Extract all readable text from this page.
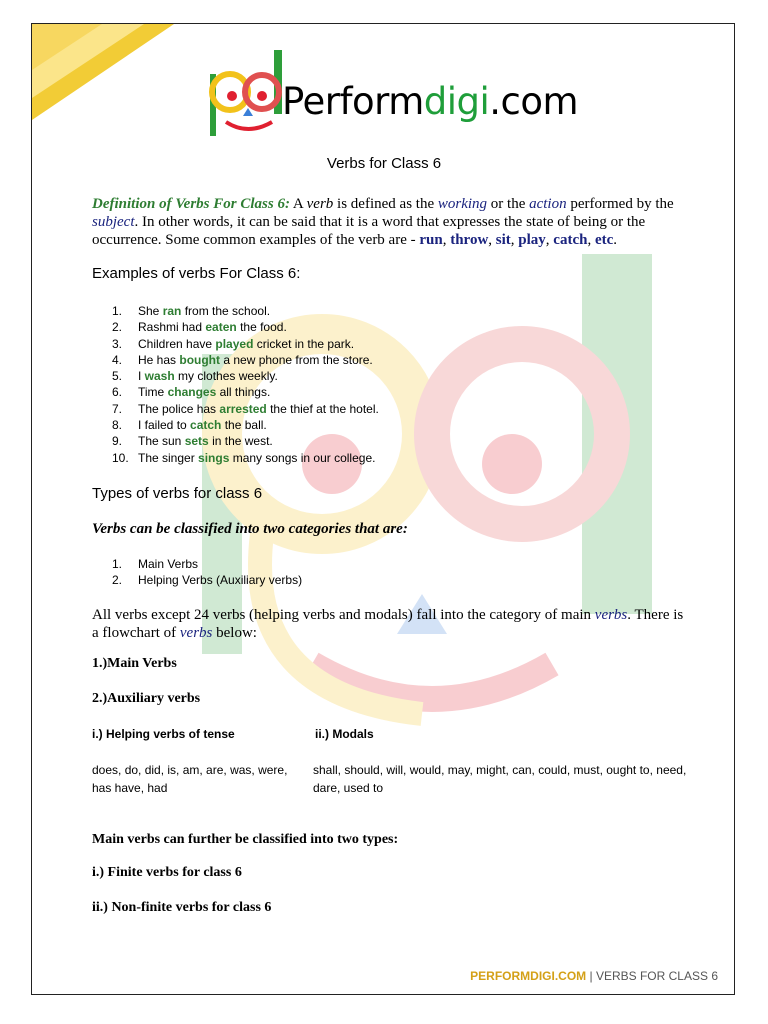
Performdigi.com
Verbs for Class 6
Definition of Verbs For Class 6: A verb is defined as the working or the action performed by the subject. In other words, it can be said that it is a word that expresses the state of being or the occurrence. Some common examples of the verb are - run, throw, sit, play, catch, etc.
Examples of verbs For Class 6:
1. She ran from the school.
2. Rashmi had eaten the food.
3. Children have played cricket in the park.
4. He has bought a new phone from the store.
5. I wash my clothes weekly.
6. Time changes all things.
7. The police has arrested the thief at the hotel.
8. I failed to catch the ball.
9. The sun sets in the west.
10. The singer sings many songs in our college.
Types of verbs for class 6
Verbs can be classified into two categories that are:
1. Main Verbs
2. Helping Verbs (Auxiliary verbs)
All verbs except 24 verbs (helping verbs and modals) fall into the category of main verbs. There is a flowchart of verbs below:
1.)Main Verbs
2.)Auxiliary verbs
i.) Helping verbs of tense	ii.) Modals
does, do, did, is, am, are, was, were, has have, had
shall, should, will, would, may, might, can, could, must, ought to, need, dare, used to
Main verbs can further be classified into two types:
i.) Finite verbs for class 6
ii.) Non-finite verbs for class 6
PERFORMDIGI.COM | VERBS FOR CLASS 6
